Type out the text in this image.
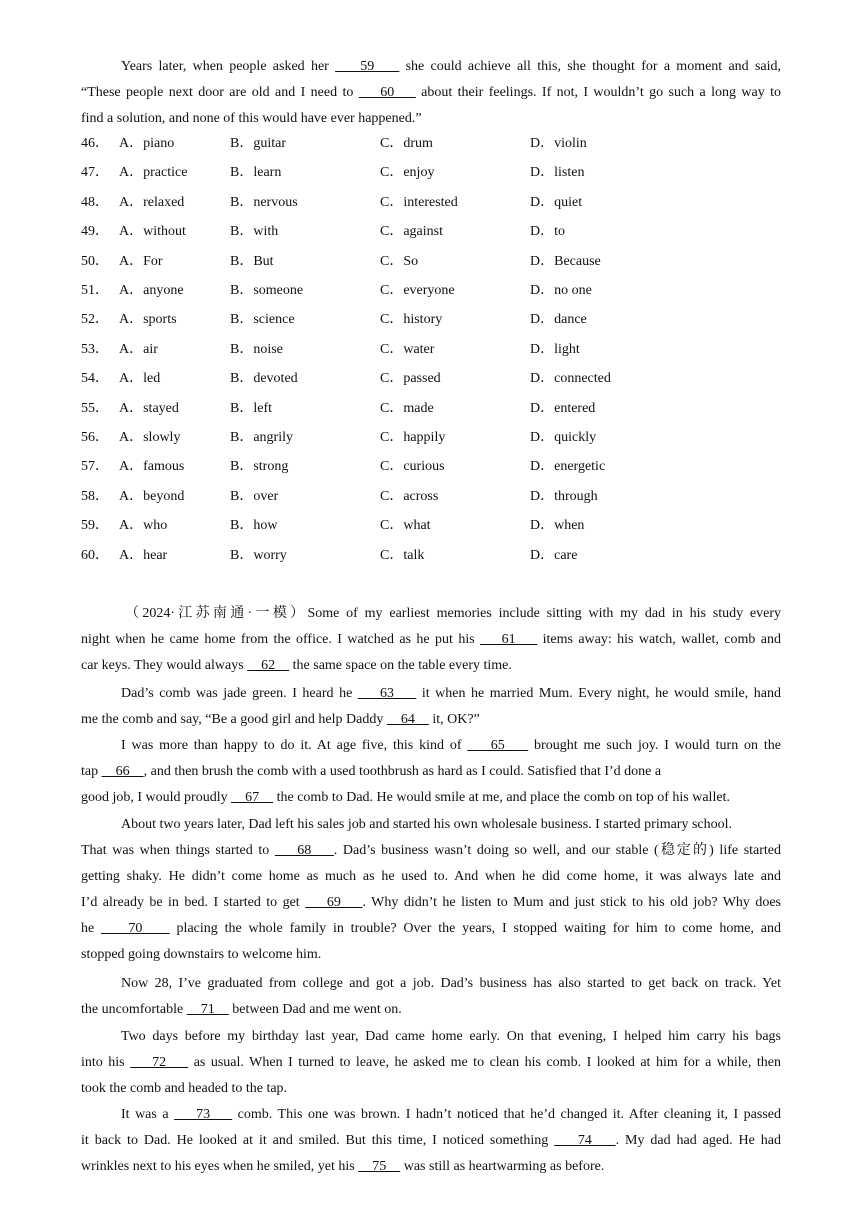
Years later, when people asked her     59     she could achieve all this, she thought for a moment and said,
“These people next door are old and I need to     60     about their feelings. If not, I wouldn’t go such a long way to
find a solution, and none of this would have ever happened.”
46． A．piano	B．guitar	C．drum	D．violin
47． A．practice	B．learn	C．enjoy	D．listen
48． A．relaxed	B．nervous	C．interested	D．quiet
49． A．without	B．with	C．against	D．to
50． A．For	B．But	C．So	D．Because
51． A．anyone	B．someone	C．everyone	D．no one
52． A．sports	B．science	C．history	D．dance
53． A．air	B．noise	C．water	D．light
54． A．led	B．devoted	C．passed	D．connected
55． A．stayed	B．left	C．made	D．entered
56． A．slowly	B．angrily	C．happily	D．quickly
57． A．famous	B．strong	C．curious	D．energetic
58． A．beyond	B．over	C．across	D．through
59． A．who	B．how	C．what	D．when
60． A．hear	B．worry	C．talk	D．care
（2024·江苏南通·一模）Some of my earliest memories include sitting with my dad in his study every
night when he came home from the office. I watched as he put his     61     items away: his watch, wallet, comb and
car keys. They would always     62     the same space on the table every time.
Dad’s comb was jade green. I heard he     63     it when he married Mum. Every night, he would smile, hand
me the comb and say, “Be a good girl and help Daddy     64     it, OK?”
I was more than happy to do it. At age five, this kind of     65     brought me such joy. I would turn on the
tap     66    , and then brush the comb with a used toothbrush as hard as I could. Satisfied that I’d done a
good job, I would proudly     67     the comb to Dad. He would smile at me, and place the comb on top of his wallet.
About two years later, Dad left his sales job and started his own wholesale business. I started primary school.
That was when things started to     68    . Dad’s business wasn’t doing so well, and our stable (稳定的) life started
getting shaky. He didn’t come home as much as he used to. And when he did come home, it was always late and
I’d already be in bed. I started to get     69    . Why didn’t he listen to Mum and just stick to his old job? Why does
he     70     placing the whole family in trouble? Over the years, I stopped waiting for him to come home, and
stopped going downstairs to welcome him.
Now 28, I’ve graduated from college and got a job. Dad’s business has also started to get back on track. Yet
the uncomfortable     71     between Dad and me went on.
Two days before my birthday last year, Dad came home early. On that evening, I helped him carry his bags
into his     72     as usual. When I turned to leave, he asked me to clean his comb. I looked at him for a while, then
took the comb and headed to the tap.
It was a     73     comb. This one was brown. I hadn’t noticed that he’d changed it. After cleaning it, I passed
it back to Dad. He looked at it and smiled. But this time, I noticed something     74    . My dad had aged. He had
wrinkles next to his eyes when he smiled, yet his     75     was still as heartwarming as before.
